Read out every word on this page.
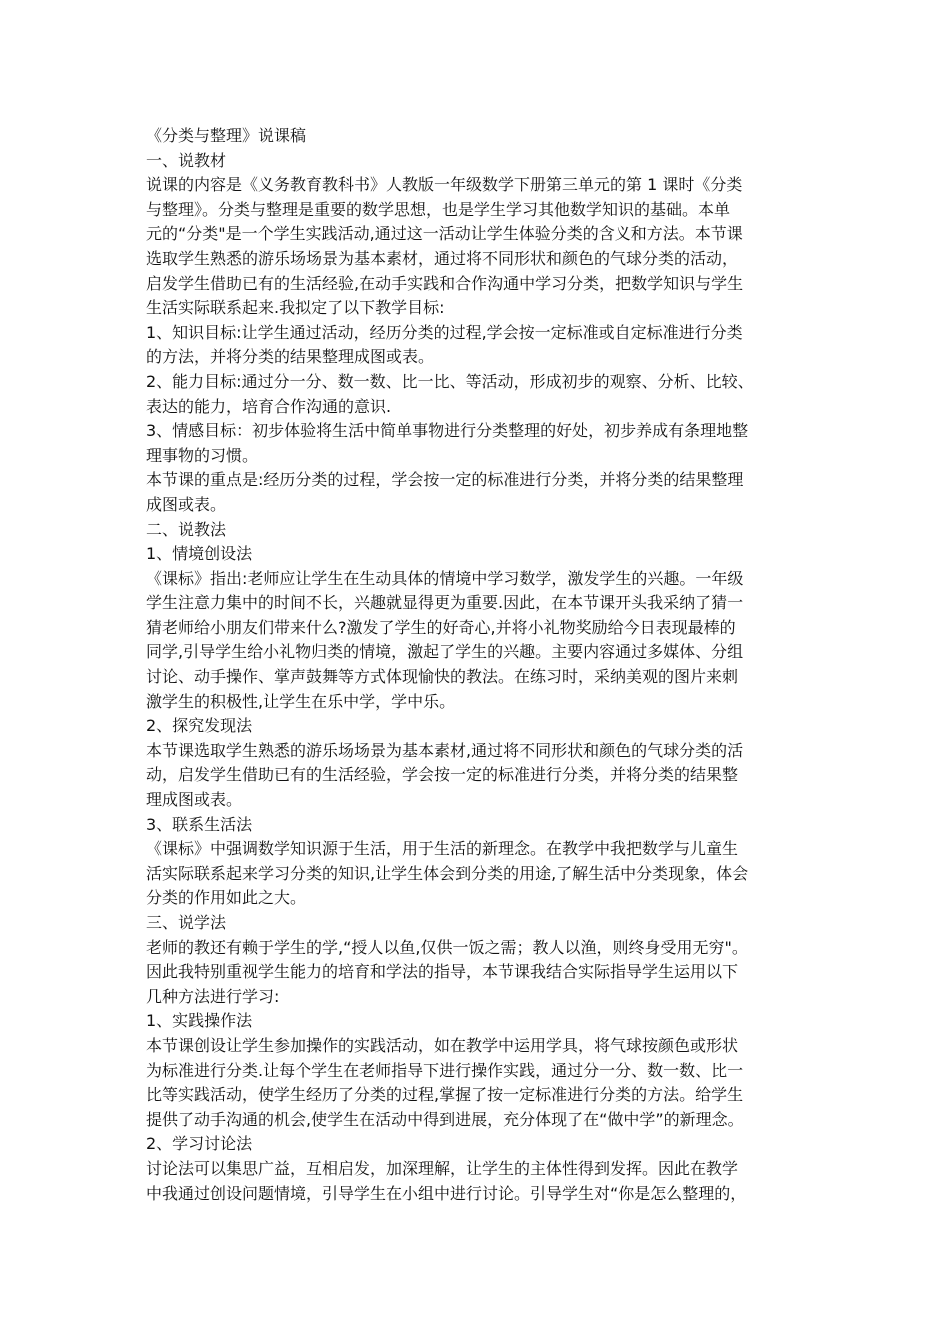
《分类与整理》说课稿
一、说教材
说课的内容是《义务教育教科书》人教版一年级数学下册第三单元的第 1 课时《分类
与整理》。分类与整理是重要的数学思想，也是学生学习其他数学知识的基础。本单
元的“分类"是一个学生实践活动,通过这一活动让学生体验分类的含义和方法。本节课
选取学生熟悉的游乐场场景为基本素材，通过将不同形状和颜色的气球分类的活动，
启发学生借助已有的生活经验,在动手实践和合作沟通中学习分类，把数学知识与学生
生活实际联系起来.我拟定了以下教学目标:
1、知识目标:让学生通过活动，经历分类的过程,学会按一定标准或自定标准进行分类
的方法，并将分类的结果整理成图或表。
2、能力目标:通过分一分、数一数、比一比、等活动，形成初步的观察、分析、比较、
表达的能力，培育合作沟通的意识.
3、情感目标：初步体验将生活中简单事物进行分类整理的好处，初步养成有条理地整
理事物的习惯。
本节课的重点是:经历分类的过程，学会按一定的标准进行分类，并将分类的结果整理
成图或表。
二、说教法
1、情境创设法
《课标》指出:老师应让学生在生动具体的情境中学习数学，激发学生的兴趣。一年级
学生注意力集中的时间不长，兴趣就显得更为重要.因此，在本节课开头我采纳了猜一
猜老师给小朋友们带来什么?激发了学生的好奇心,并将小礼物奖励给今日表现最棒的
同学,引导学生给小礼物归类的情境，激起了学生的兴趣。主要内容通过多媒体、分组
讨论、动手操作、掌声鼓舞等方式体现愉快的教法。在练习时，采纳美观的图片来刺
激学生的积极性,让学生在乐中学，学中乐。
2、探究发现法
本节课选取学生熟悉的游乐场场景为基本素材,通过将不同形状和颜色的气球分类的活
动，启发学生借助已有的生活经验，学会按一定的标准进行分类，并将分类的结果整
理成图或表。
3、联系生活法
《课标》中强调数学知识源于生活，用于生活的新理念。在教学中我把数学与儿童生
活实际联系起来学习分类的知识,让学生体会到分类的用途,了解生活中分类现象，体会
分类的作用如此之大。
三、说学法
老师的教还有赖于学生的学,“授人以鱼,仅供一饭之需；教人以渔，则终身受用无穷"。
因此我特别重视学生能力的培育和学法的指导，本节课我结合实际指导学生运用以下
几种方法进行学习:
1、实践操作法
本节课创设让学生参加操作的实践活动，如在教学中运用学具，将气球按颜色或形状
为标准进行分类.让每个学生在老师指导下进行操作实践，通过分一分、数一数、比一
比等实践活动，使学生经历了分类的过程,掌握了按一定标准进行分类的方法。给学生
提供了动手沟通的机会,使学生在活动中得到进展，充分体现了在“做中学”的新理念。
2、学习讨论法
讨论法可以集思广益，互相启发，加深理解，让学生的主体性得到发挥。因此在教学
中我通过创设问题情境，引导学生在小组中进行讨论。引导学生对“你是怎么整理的，
